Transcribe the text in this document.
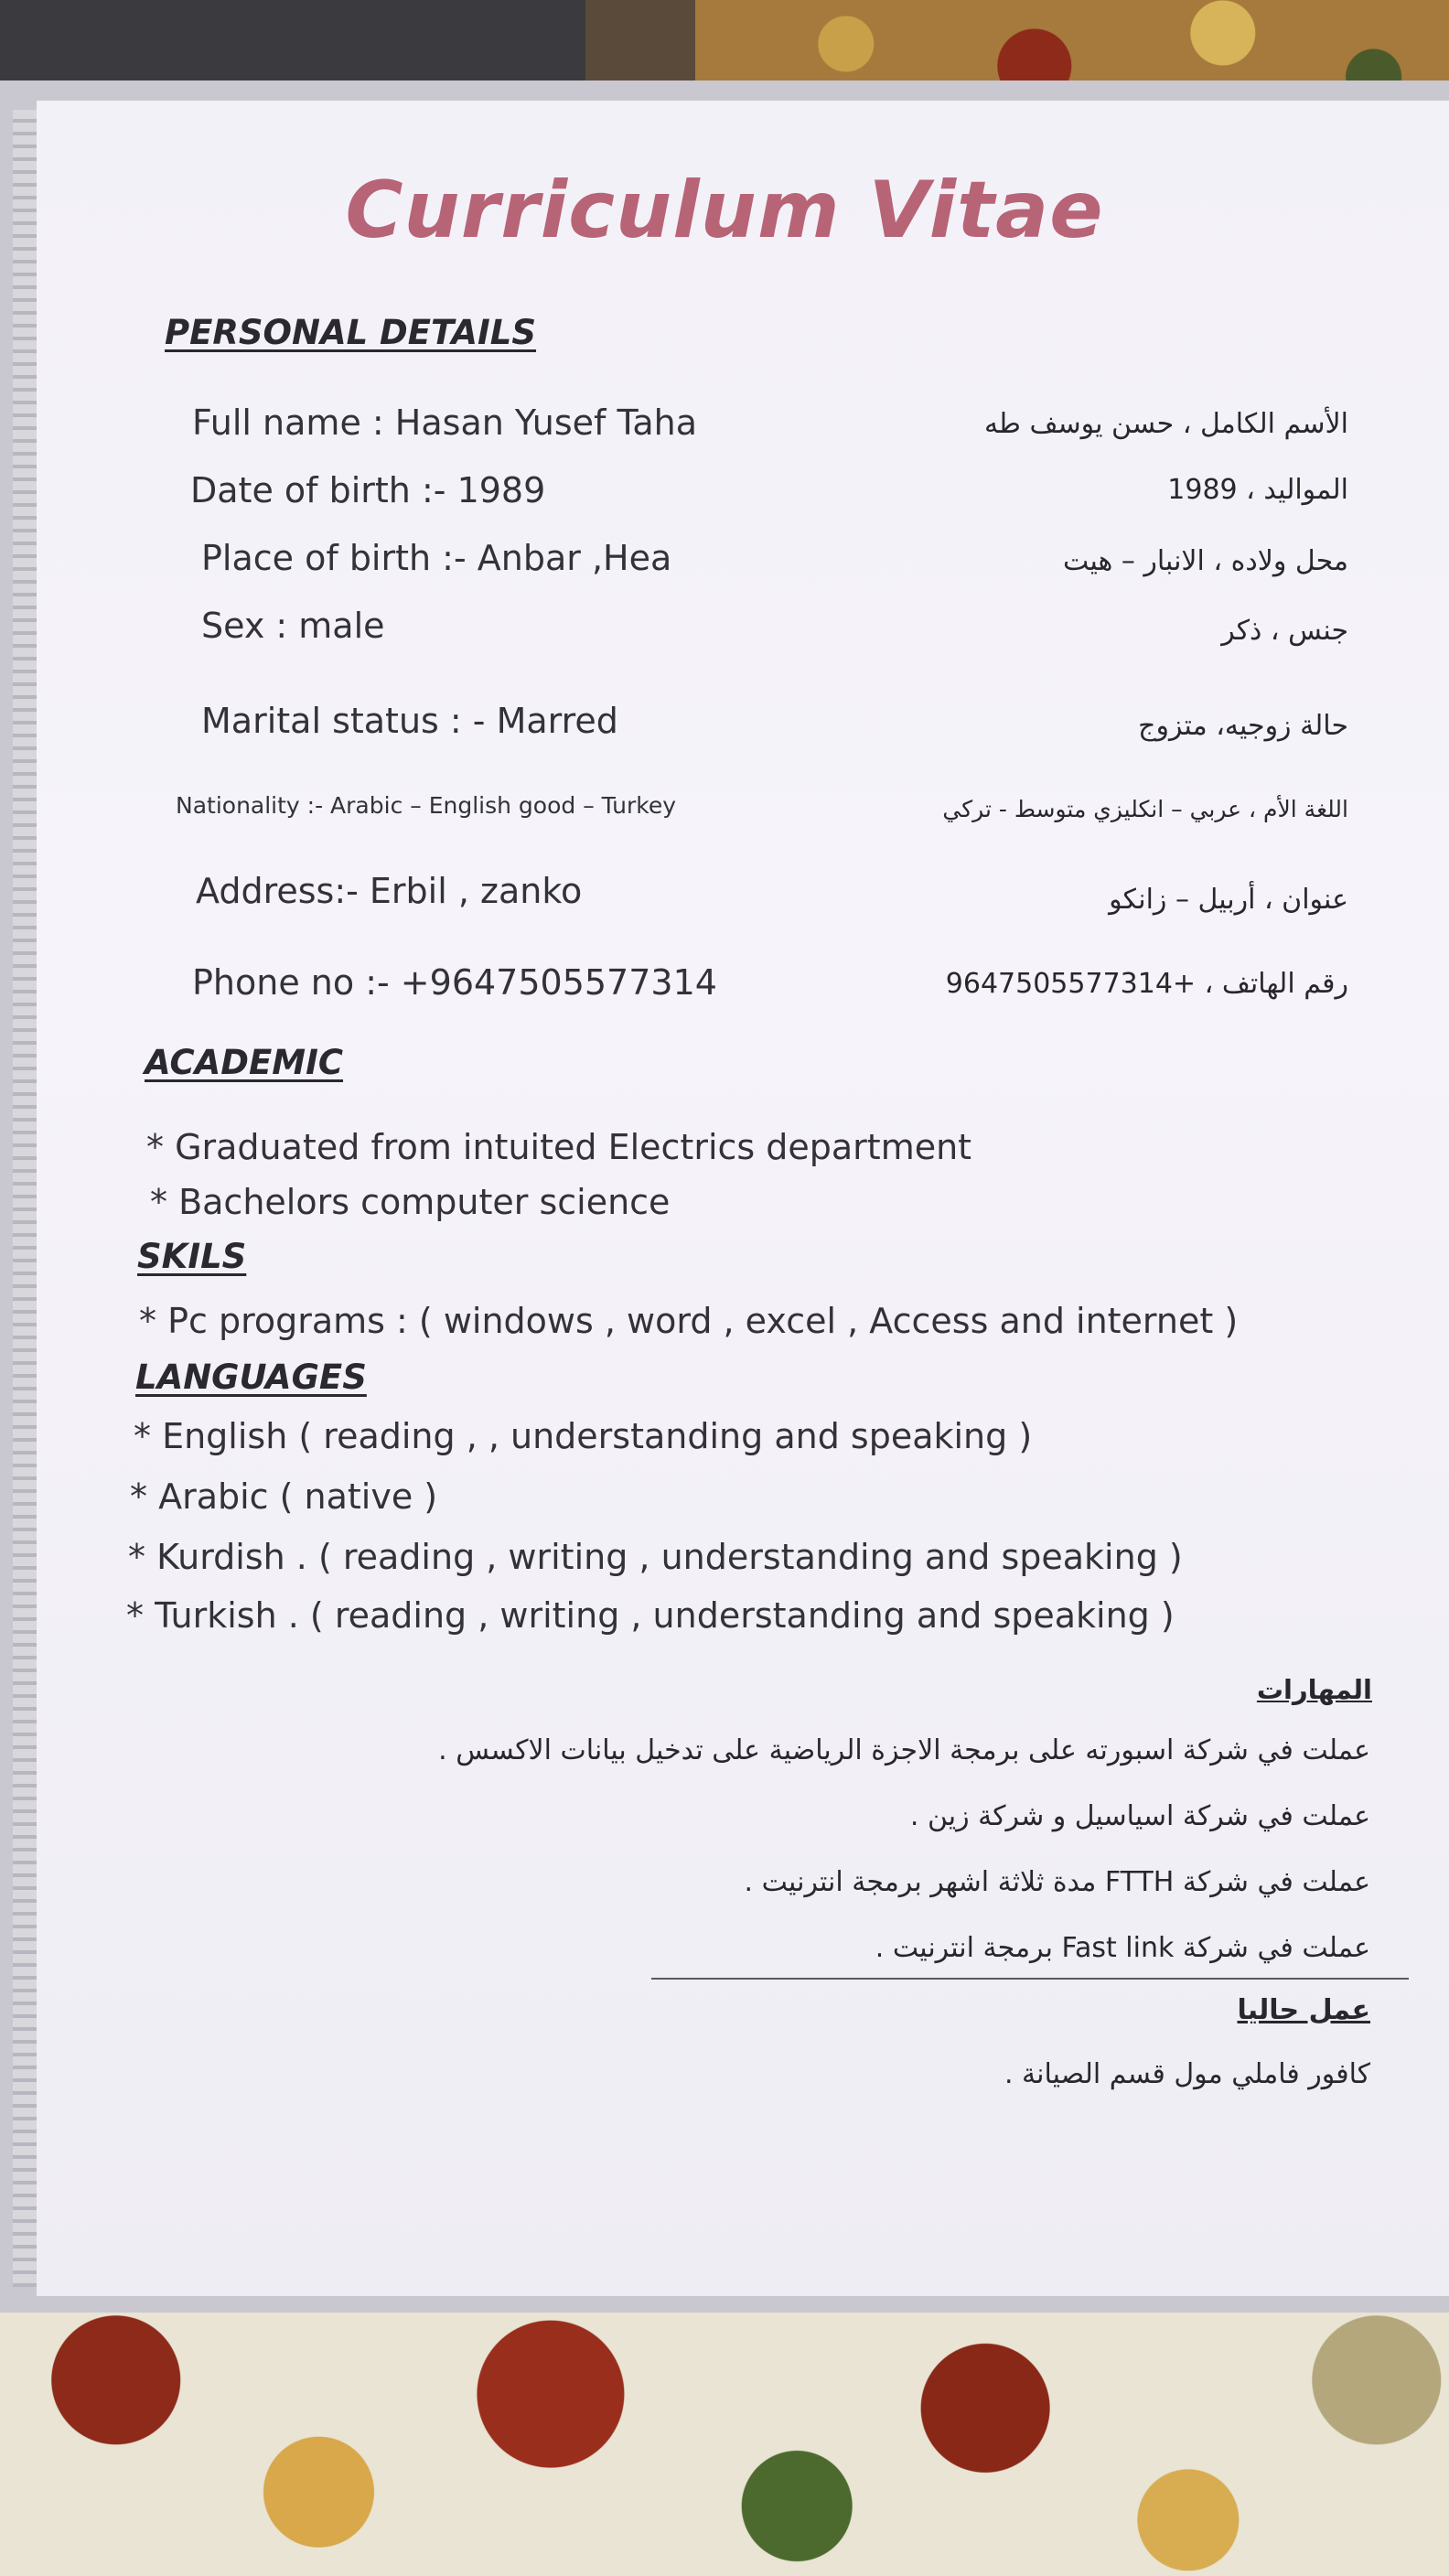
Curriculum Vitae
PERSONAL DETAILS
Full name : Hasan Yusef Taha	الأسم الكامل ، حسن يوسف طه
Date of birth :- 1989	المواليد ، 1989
Place of birth :- Anbar ,Hea	محل ولاده ، الانبار – هيت
Sex : male	جنس ، ذكر
Marital status : - Marred	حالة زوجيه، متزوج
Nationality :- Arabic – English good – Turkey	اللغة الأم ، عربي – انكليزي متوسط - تركي
Address:- Erbil , zanko	عنوان ، أربيل – زانكو
Phone no :- +9647505577314	رقم الهاتف ، +9647505577314
ACADEMIC
* Graduated from intuited Electrics department
* Bachelors computer science
SKILS
* Pc programs : ( windows , word , excel , Access and internet )
LANGUAGES
* English ( reading , , understanding and speaking )
* Arabic ( native )
* Kurdish . ( reading , writing , understanding and speaking )
* Turkish . ( reading , writing , understanding and speaking )
المهارات
عملت في شركة اسبورته على برمجة الاجزة الرياضية على تدخيل بيانات الاكسس .
عملت في شركة اسياسيل و شركة زين .
عملت في شركة FTTH مدة ثلاثة اشهر برمجة انترنيت .
عملت في شركة Fast link برمجة انترنيت .
عمل حاليا
كافور فاملي مول قسم الصيانة .
